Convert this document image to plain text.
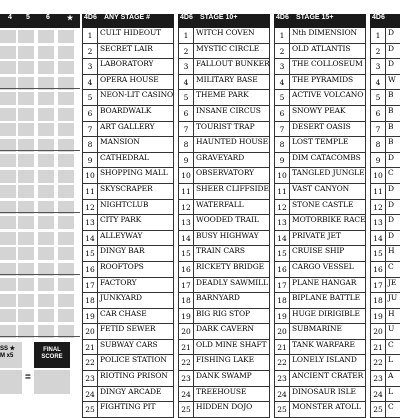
4	5	6	★
SS ★
M x5
=
FINAL
SCORE
4D6 ANY STAGE #
1	CULT HIDEOUT
2	SECRET LAIR
3	LABORATORY
4	OPERA HOUSE
5	NEON-LIT CASINO
6	BOARDWALK
7	ART GALLERY
8	MANSION
9	CATHEDRAL
10 SHOPPING MALL
11 SKYSCRAPER
12 NIGHTCLUB
13 CITY PARK
14 ALLEYWAY
15 DINGY BAR
16 ROOFTOPS
17 FACTORY
18 JUNKYARD
19 CAR CHASE
20 FETID SEWER
21 SUBWAY CARS
22 POLICE STATION
23 RIOTING PRISON
24 DINGY ARCADE
25 FIGHTING PIT
4D6 STAGE 10+
1	WITCH COVEN
2	MYSTIC CIRCLE
3	FALLOUT BUNKER
4	MILITARY BASE
5	THEME PARK
6	INSANE CIRCUS
7	TOURIST TRAP
8	HAUNTED HOUSE
9	GRAVEYARD
10 OBSERVATORY
11 SHEER CLIFFSIDE
12 WATERFALL
13 WOODED TRAIL
14 BUSY HIGHWAY
15 TRAIN CARS
16 RICKETY BRIDGE
17 DEADLY SAWMILL
18 BARNYARD
19 BIG RIG STOP
20 DARK CAVERN
21 OLD MINE SHAFT
22 FISHING LAKE
23 DANK SWAMP
24 TREEHOUSE
25 HIDDEN DOJO
4D6 STAGE 15+
1	Nth DIMENSION
2	OLD ATLANTIS
3	THE COLLOSEUM
4	THE PYRAMIDS
5	ACTIVE VOLCANO
6	SNOWY PEAK
7	DESERT OASIS
8	LOST TEMPLE
9	DIM CATACOMBS
10 TANGLED JUNGLE
11 VAST CANYON
12 STONE CASTLE
13 MOTORBIKE RACE
14 PRIVATE JET
15 CRUISE SHIP
16 CARGO VESSEL
17 PLANE HANGAR
18 BIPLANE BATTLE
19 HUGE DIRIGIBLE
20 SUBMARINE
21 TANK WARFARE
22 LONELY ISLAND
23 ANCIENT CRATER
24 DINOSAUR ISLE
25 MONSTER ATOLL
4D6
1	D
2	D
3	D
4	W
5	B
6	B
7	B
8	B
9	D
10 C
11 D
12 D
13 D
14 D
15 H
16 C
17 JE
18 JU
19 H
20 U
21 C
22 L
23 A
24 L
25 C
